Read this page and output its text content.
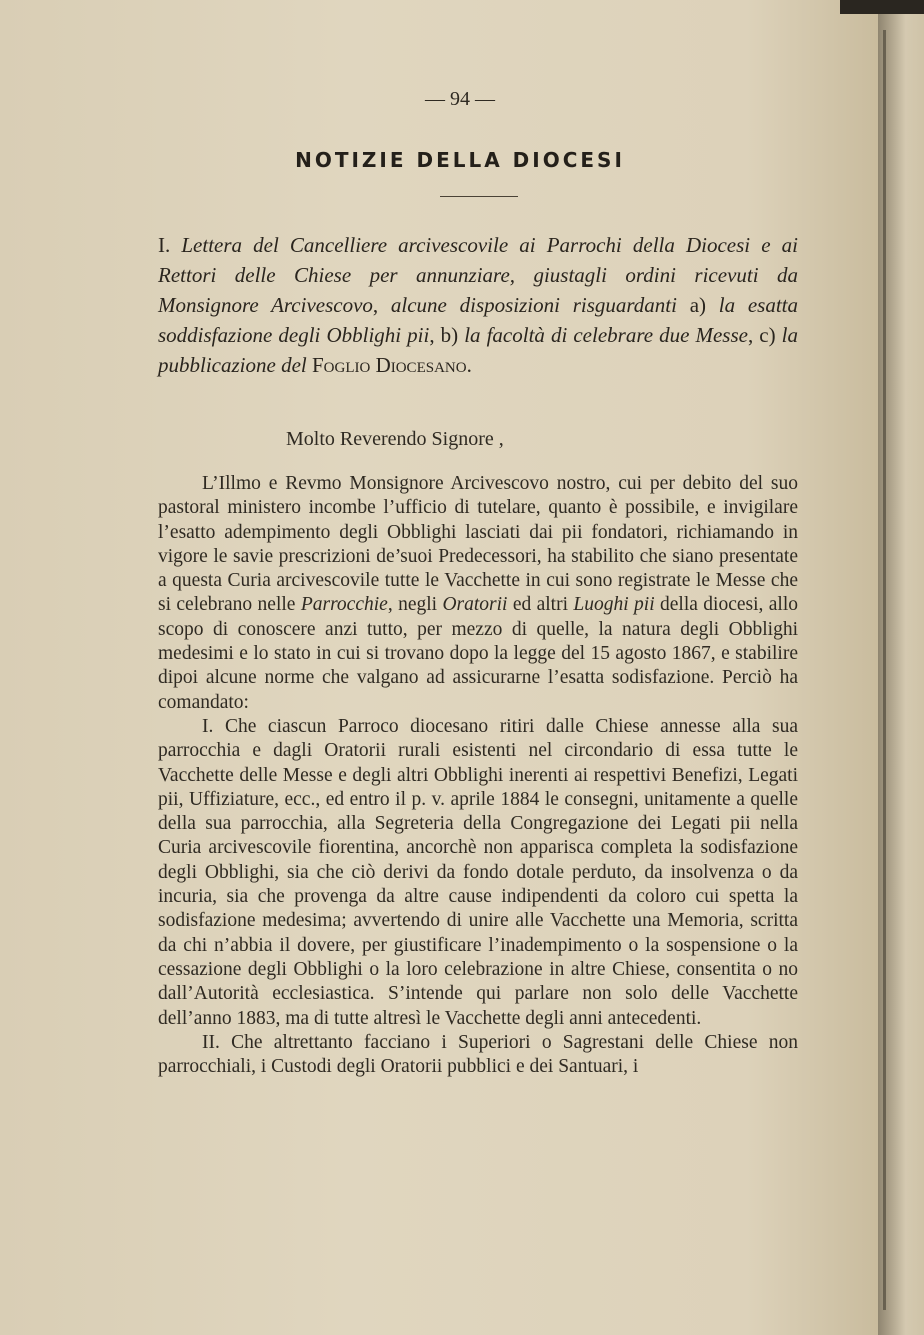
— 94 —
NOTIZIE DELLA DIOCESI
I. Lettera del Cancelliere arcivescovile ai Parrochi della Diocesi e ai Rettori delle Chiese per annunziare, giustagli ordini ricevuti da Monsignore Arcivescovo, alcune disposizioni risguardanti a) la esatta soddisfazione degli Obblighi pii, b) la facoltà di celebrare due Messe, c) la pubblicazione del Foglio Diocesano.
Molto Reverendo Signore ,

L’Illmo e Revmo Monsignore Arcivescovo nostro, cui per debito del suo pastoral ministero incombe l’ufficio di tutelare, quanto è possibile, e invigilare l’esatto adempimento degli Obblighi lasciati dai pii fondatori, richiamando in vigore le savie prescrizioni de’suoi Predecessori, ha stabilito che siano presentate a questa Curia arcivescovile tutte le Vacchette in cui sono registrate le Messe che si celebrano nelle Parrocchie, negli Oratorii ed altri Luoghi pii della diocesi, allo scopo di conoscere anzi tutto, per mezzo di quelle, la natura degli Obblighi medesimi e lo stato in cui si trovano dopo la legge del 15 agosto 1867, e stabilire dipoi alcune norme che valgano ad assicurarne l’esatta sodisfazione. Perciò ha comandato:

I. Che ciascun Parroco diocesano ritiri dalle Chiese annesse alla sua parrocchia e dagli Oratorii rurali esistenti nel circondario di essa tutte le Vacchette delle Messe e degli altri Obblighi inerenti ai respettivi Benefizi, Legati pii, Uffiziature, ecc., ed entro il p. v. aprile 1884 le consegni, unitamente a quelle della sua parrocchia, alla Segreteria della Congregazione dei Legati pii nella Curia arcivescovile fiorentina, ancorchè non apparisca completa la sodisfazione degli Obblighi, sia che ciò derivi da fondo dotale perduto, da insolvenza o da incuria, sia che provenga da altre cause indipendenti da coloro cui spetta la sodisfazione medesima; avvertendo di unire alle Vacchette una Memoria, scritta da chi n’abbia il dovere, per giustificare l’inadempimento o la sospensione o la cessazione degli Obblighi o la loro celebrazione in altre Chiese, consentita o no dall’Autorità ecclesiastica. S’intende qui parlare non solo delle Vacchette dell’anno 1883, ma di tutte altresì le Vacchette degli anni antecedenti.

II. Che altrettanto facciano i Superiori o Sagrestani delle Chiese non parrocchiali, i Custodi degli Oratorii pubblici e dei Santuari, i
